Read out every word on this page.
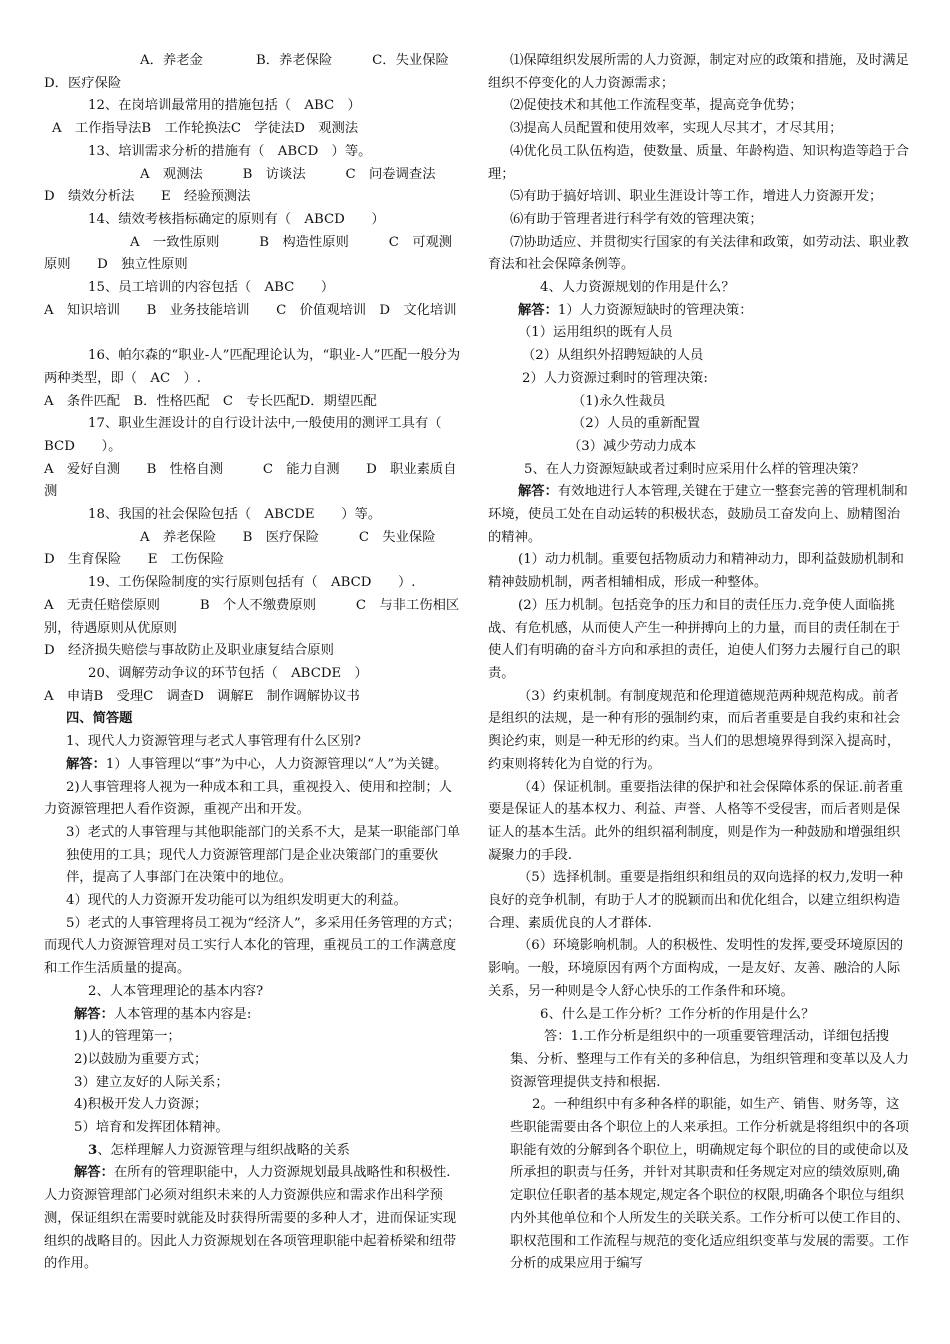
A．养老金　　　　B．养老保险　　　C．失业保险

D．医疗保险

12、在岗培训最常用的措施包括（　ABC　）

A　工作指导法B　工作轮换法C　学徒法D　观测法

13、培训需求分析的措施有（　ABCD　）等。

A　观测法　　　B　访谈法　　　C　问卷调查法

D　绩效分析法　　E　经验预测法

14、绩效考核指标确定的原则有（　ABCD　　）

A　一致性原则　　　B　构造性原则　　　C　可观测原则　　D　独立性原则

15、员工培训的内容包括（　ABC　　）

A　知识培训　　B　业务技能培训　　C　价值观培训　D　文化培训

16、帕尔森的“职业-人”匹配理论认为，“职业-人”匹配一般分为两种类型，即（　AC　）.

A　条件匹配　B．性格匹配　C　专长匹配D．期望匹配

17、职业生涯设计的自行设计法中,一般使用的测评工具有（　BCD　　）。

A　爱好自测　　B　性格自测　　　C　能力自测　　D　职业素质自测

18、我国的社会保险包括（　ABCDE　　）等。

A　养老保险　　B　医疗保险　　　C　失业保险

D　生育保险　　E　工伤保险

19、工伤保险制度的实行原则包括有（　ABCD　　）.

A　无责任赔偿原则　　　B　个人不缴费原则　　　C　与非工伤相区别，待遇原则从优原则

D　经济损失赔偿与事故防止及职业康复结合原则

20、调解劳动争议的环节包括（　ABCDE　）

A　申请B　受理C　调查D　调解E　制作调解协议书

四、简答题

1、现代人力资源管理与老式人事管理有什么区别?

解答：1）人事管理以“事”为中心，人力资源管理以“人”为关键。

2)人事管理将人视为一种成本和工具，重视投入、使用和控制；人力资源管理把人看作资源，重视产出和开发。

3）老式的人事管理与其他职能部门的关系不大，是某一职能部门单独使用的工具；现代人力资源管理部门是企业决策部门的重要伙伴，提高了人事部门在决策中的地位。

4）现代的人力资源开发功能可以为组织发明更大的利益。

5）老式的人事管理将员工视为“经济人”，多采用任务管理的方式；而现代人力资源管理对员工实行人本化的管理，重视员工的工作满意度和工作生活质量的提高。

2、人本管理理论的基本内容?

解答：人本管理的基本内容是:

1)人的管理第一；

2)以鼓励为重要方式；

3）建立友好的人际关系；

4)积极开发人力资源；

5）培育和发挥团体精神。

3、怎样理解人力资源管理与组织战略的关系

解答：在所有的管理职能中，人力资源规划最具战略性和积极性.人力资源管理部门必须对组织未来的人力资源供应和需求作出科学预测，保证组织在需要时就能及时获得所需要的多种人才，进而保证实现组织的战略目的。因此人力资源规划在各项管理职能中起着桥梁和纽带的作用。

⑴保障组织发展所需的人力资源，制定对应的政策和措施，及时满足组织不停变化的人力资源需求；

⑵促使技术和其他工作流程变革，提高竞争优势；

⑶提高人员配置和使用效率，实现人尽其才，才尽其用；

⑷优化员工队伍构造，使数量、质量、年龄构造、知识构造等趋于合理；

⑸有助于搞好培训、职业生涯设计等工作，增进人力资源开发；

⑹有助于管理者进行科学有效的管理决策；

⑺协助适应、并贯彻实行国家的有关法律和政策，如劳动法、职业教育法和社会保障条例等。

4、人力资源规划的作用是什么？

解答：1）人力资源短缺时的管理决策：

（1）运用组织的既有人员

（2）从组织外招聘短缺的人员

2）人力资源过剩时的管理决策:

（1)永久性裁员

（2）人员的重新配置

（3）减少劳动力成本

5、在人力资源短缺或者过剩时应采用什么样的管理决策？

解答：有效地进行人本管理,关键在于建立一整套完善的管理机制和环境，使员工处在自动运转的积极状态，鼓励员工奋发向上、励精图治的精神。

(1）动力机制。重要包括物质动力和精神动力，即利益鼓励机制和精神鼓励机制，两者相辅相成，形成一种整体。

(2）压力机制。包括竞争的压力和目的责任压力.竞争使人面临挑战、有危机感，从而使人产生一种拼搏向上的力量，而目的责任制在于使人们有明确的奋斗方向和承担的责任，迫使人们努力去履行自己的职责。

（3）约束机制。有制度规范和伦理道德规范两种规范构成。前者是组织的法规，是一种有形的强制约束，而后者重要是自我约束和社会舆论约束，则是一种无形的约束。当人们的思想境界得到深入提高时，约束则将转化为自觉的行为。

（4）保证机制。重要指法律的保护和社会保障体系的保证.前者重要是保证人的基本权力、利益、声誉、人格等不受侵害，而后者则是保证人的基本生活。此外的组织福利制度，则是作为一种鼓励和增强组织凝聚力的手段.

（5）选择机制。重要是指组织和组员的双向选择的权力,发明一种良好的竞争机制，有助于人才的脱颖而出和优化组合，以建立组织构造合理、素质优良的人才群体.

（6）环境影响机制。人的积极性、发明性的发挥,要受环境原因的影响。一般，环境原因有两个方面构成，一是友好、友善、融洽的人际关系，另一种则是令人舒心快乐的工作条件和环境。

6、什么是工作分析？工作分析的作用是什么？

答：1.工作分析是组织中的一项重要管理活动，详细包括搜集、分析、整理与工作有关的多种信息，为组织管理和变革以及人力资源管理提供支持和根据.

2。一种组织中有多种各样的职能，如生产、销售、财务等，这些职能需要由各个职位上的人来承担。工作分析就是将组织中的各项职能有效的分解到各个职位上，明确规定每个职位的目的或使命以及所承担的职责与任务，并针对其职责和任务规定对应的绩效原则,确定职位任职者的基本规定,规定各个职位的权限,明确各个职位与组织内外其他单位和个人所发生的关联关系。工作分析可以使工作目的、职权范围和工作流程与规范的变化适应组织变革与发展的需要。工作分析的成果应用于编写
